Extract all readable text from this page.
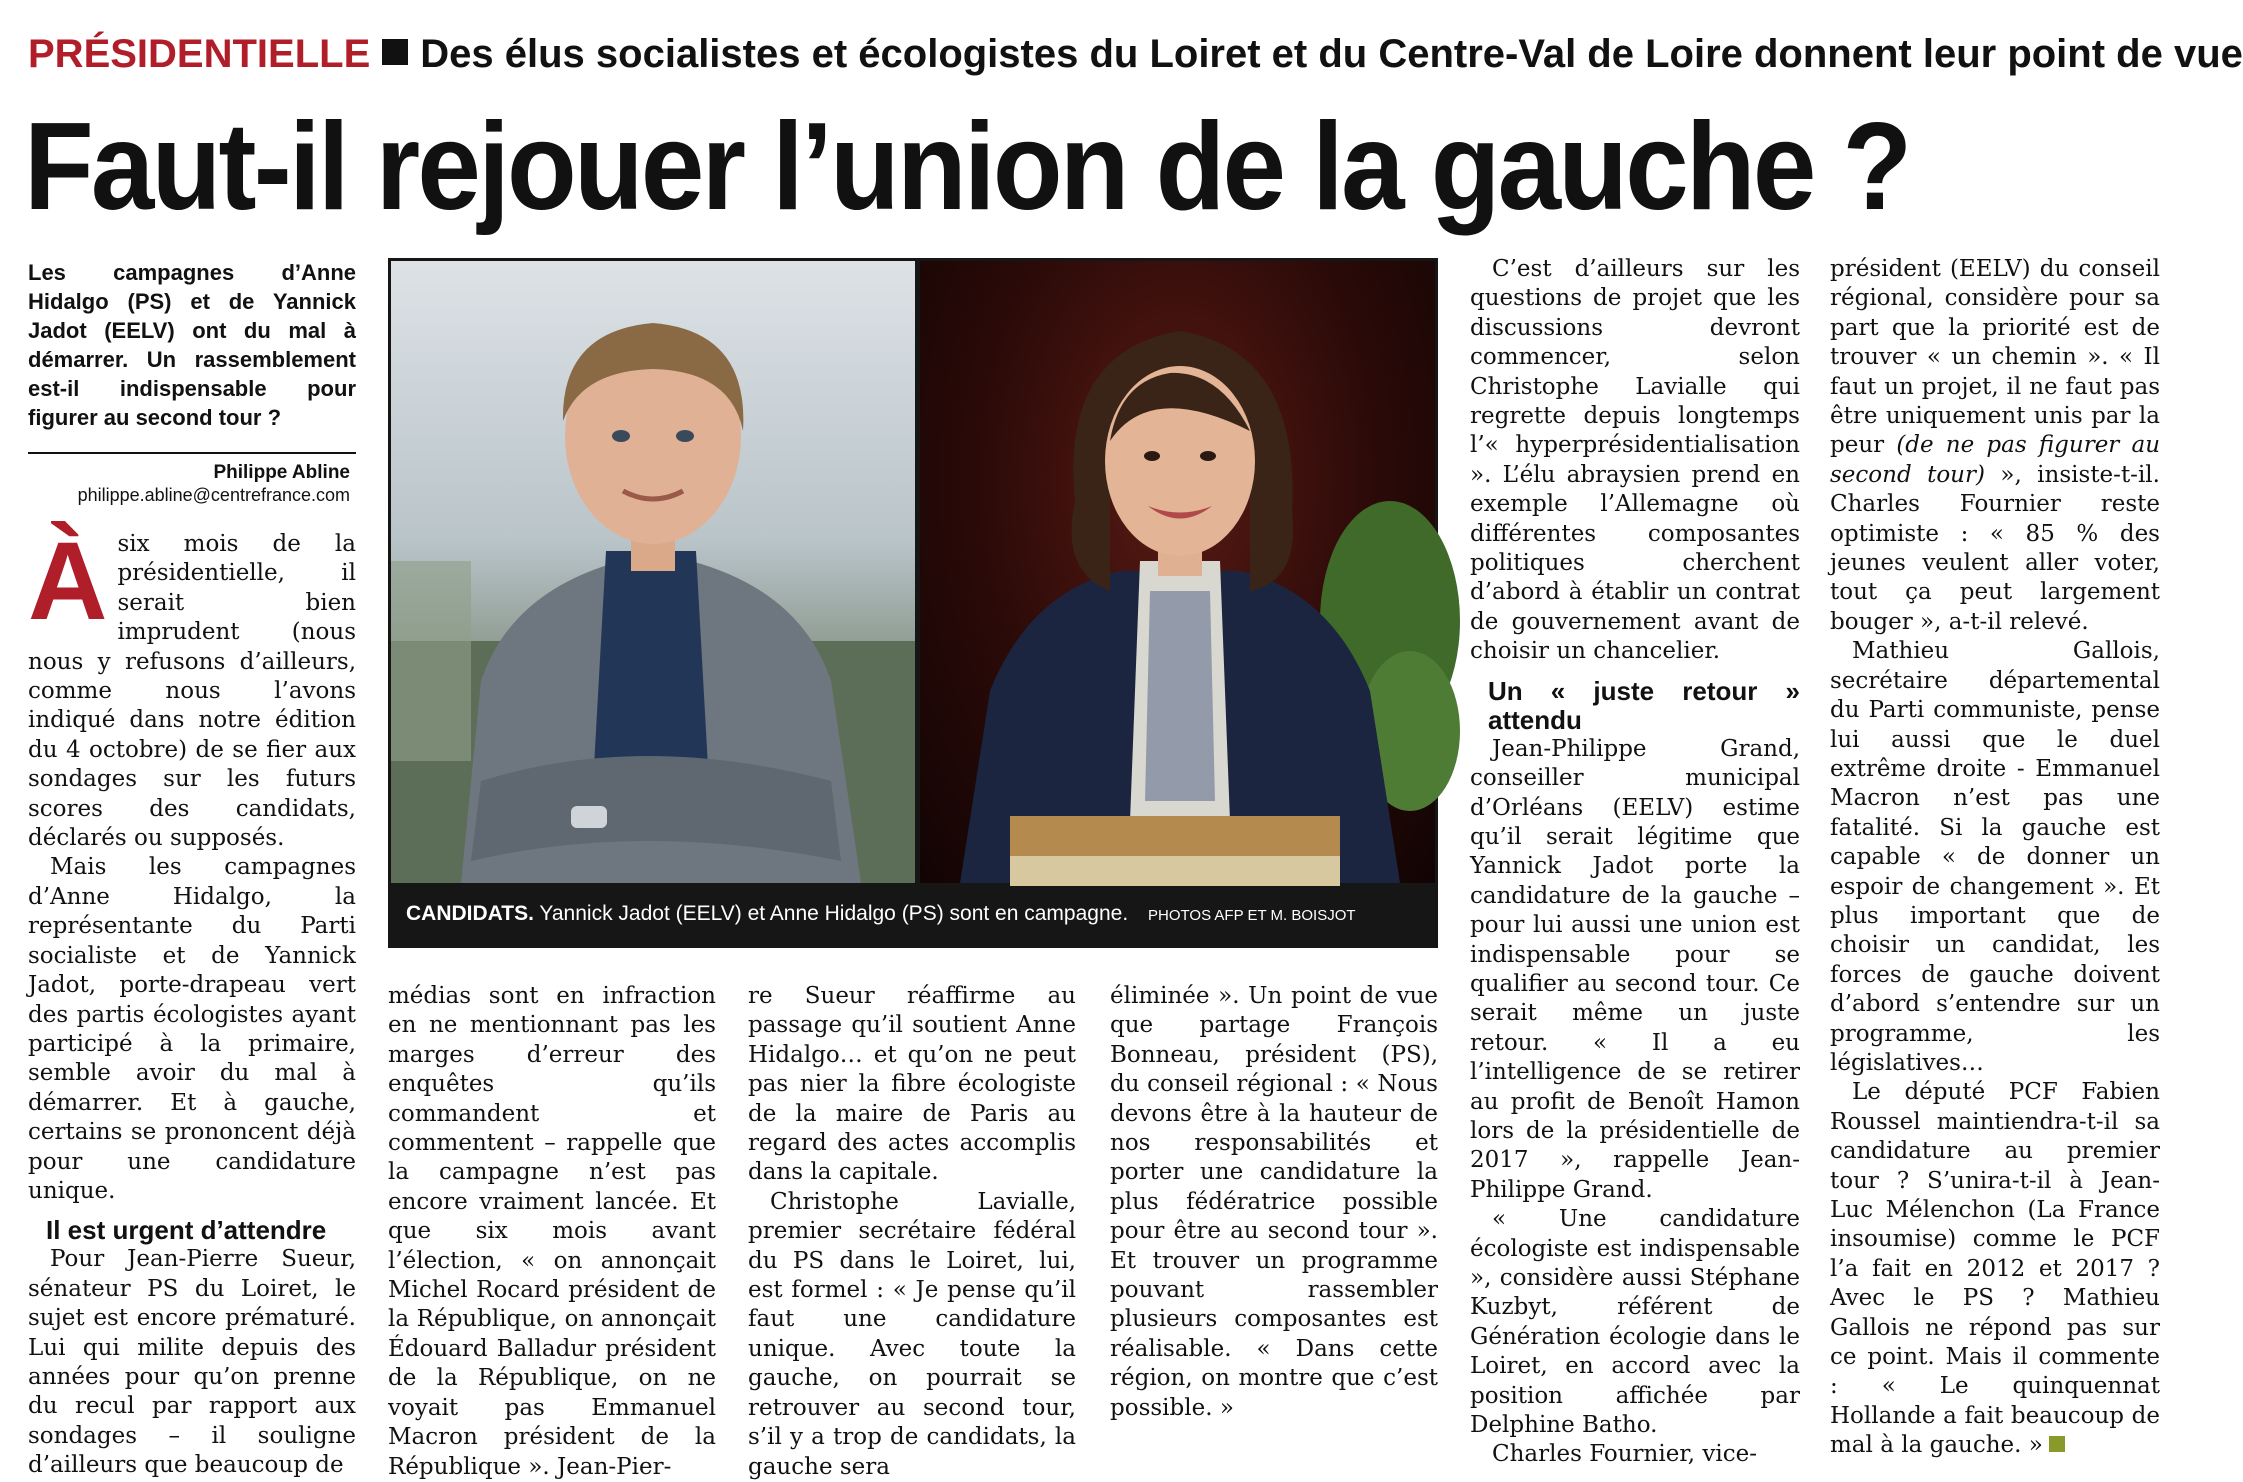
PRÉSIDENTIELLE Des élus socialistes et écologistes du Loiret et du Centre-Val de Loire donnent leur point de vue
Faut-il rejouer l’union de la gauche ?
Les campagnes d’Anne Hidalgo (PS) et de Yannick Jadot (EELV) ont du mal à démarrer. Un rassemblement est-il indispensable pour figurer au second tour ?
Philippe Abline
philippe.abline@centrefrance.com

Àsix mois de la présidentielle, il serait bien imprudent (nous nous y refusons d’ailleurs, comme nous l’avons indiqué dans notre édition du 4 octobre) de se fier aux sondages sur les futurs scores des candidats, déclarés ou supposés.

Mais les campagnes d’Anne Hidalgo, la représentante du Parti socialiste et de Yannick Jadot, porte-drapeau vert des partis écologistes ayant participé à la primaire, semble avoir du mal à démarrer. Et à gauche, certains se prononcent déjà pour une candidature unique.

Il est urgent d’attendre

Pour Jean-Pierre Sueur, sénateur PS du Loiret, le sujet est encore prématuré. Lui qui milite depuis des années pour qu’on prenne du recul par rapport aux sondages – il souligne d’ailleurs que beaucoup de

CANDIDATS. Yannick Jadot (EELV) et Anne Hidalgo (PS) sont en campagne. PHOTOS AFP ET M. BOISJOT

médias sont en infraction en ne mentionnant pas les marges d’erreur des enquêtes qu’ils commandent et commentent – rappelle que la campagne n’est pas encore vraiment lancée. Et que six mois avant l’élection, « on annonçait Michel Rocard président de la République, on annonçait Édouard Balladur président de la République, on ne voyait pas Emmanuel Macron président de la République ». Jean-Pier-

re Sueur réaffirme au passage qu’il soutient Anne Hidalgo… et qu’on ne peut pas nier la fibre écologiste de la maire de Paris au regard des actes accomplis dans la capitale.

Christophe Lavialle, premier secrétaire fédéral du PS dans le Loiret, lui, est formel : « Je pense qu’il faut une candidature unique. Avec toute la gauche, on pourrait se retrouver au second tour, s’il y a trop de candidats, la gauche sera

éliminée ». Un point de vue que partage François Bonneau, président (PS), du conseil régional : « Nous devons être à la hauteur de nos responsabilités et porter une candidature la plus fédératrice possible pour être au second tour ». Et trouver un programme pouvant rassembler plusieurs composantes est réalisable. « Dans cette région, on montre que c’est possible. »

C’est d’ailleurs sur les questions de projet que les discussions devront commencer, selon Christophe Lavialle qui regrette depuis longtemps l’« hyperprésidentialisation ». L’élu abraysien prend en exemple l’Allemagne où différentes composantes politiques cherchent d’abord à établir un contrat de gouvernement avant de choisir un chancelier.

Un « juste retour » attendu

Jean-Philippe Grand, conseiller municipal d’Orléans (EELV) estime qu’il serait légitime que Yannick Jadot porte la candidature de la gauche – pour lui aussi une union est indispensable pour se qualifier au second tour. Ce serait même un juste retour. « Il a eu l’intelligence de se retirer au profit de Benoît Hamon lors de la présidentielle de 2017 », rappelle Jean-Philippe Grand.

« Une candidature écologiste est indispensable », considère aussi Stéphane Kuzbyt, référent de Génération écologie dans le Loiret, en accord avec la position affichée par Delphine Batho.

Charles Fournier, vice-

président (EELV) du conseil régional, considère pour sa part que la priorité est de trouver « un chemin ». « Il faut un projet, il ne faut pas être uniquement unis par la peur (de ne pas figurer au second tour) », insiste-t-il. Charles Fournier reste optimiste : « 85 % des jeunes veulent aller voter, tout ça peut largement bouger », a-t-il relevé.

Mathieu Gallois, secrétaire départemental du Parti communiste, pense lui aussi que le duel extrême droite - Emmanuel Macron n’est pas une fatalité. Si la gauche est capable « de donner un espoir de changement ». Et plus important que de choisir un candidat, les forces de gauche doivent d’abord s’entendre sur un programme, les législatives…

Le député PCF Fabien Roussel maintiendra-t-il sa candidature au premier tour ? S’unira-t-il à Jean-Luc Mélenchon (La France insoumise) comme le PCF l’a fait en 2012 et 2017 ? Avec le PS ? Mathieu Gallois ne répond pas sur ce point. Mais il commente : « Le quinquennat Hollande a fait beaucoup de mal à la gauche. »
